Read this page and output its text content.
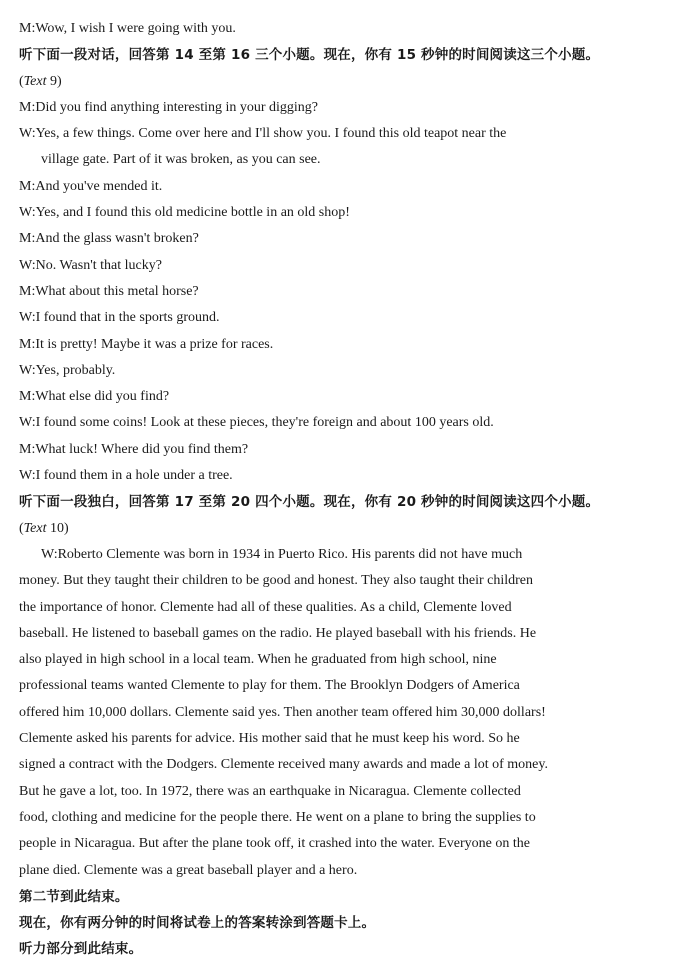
M:Wow, I wish I were going with you.
听下面一段对话，回答第 14 至第 16 三个小题。现在，你有 15 秒钟的时间阅读这三个小题。
(Text 9)
M:Did you find anything interesting in your digging?
W:Yes, a few things. Come over here and I'll show you. I found this old teapot near the
village gate. Part of it was broken, as you can see.
M:And you've mended it.
W:Yes, and I found this old medicine bottle in an old shop!
M:And the glass wasn't broken?
W:No. Wasn't that lucky?
M:What about this metal horse?
W:I found that in the sports ground.
M:It is pretty! Maybe it was a prize for races.
W:Yes, probably.
M:What else did you find?
W:I found some coins! Look at these pieces, they're foreign and about 100 years old.
M:What luck! Where did you find them?
W:I found them in a hole under a tree.
听下面一段独白，回答第 17 至第 20 四个小题。现在，你有 20 秒钟的时间阅读这四个小题。
(Text 10)
W:Roberto Clemente was born in 1934 in Puerto Rico. His parents did not have much
money. But they taught their children to be good and honest. They also taught their children
the importance of honor. Clemente had all of these qualities. As a child, Clemente loved
baseball. He listened to baseball games on the radio. He played baseball with his friends. He
also played in high school in a local team. When he graduated from high school, nine
professional teams wanted Clemente to play for them. The Brooklyn Dodgers of America
offered him 10,000 dollars. Clemente said yes. Then another team offered him 30,000 dollars!
Clemente asked his parents for advice. His mother said that he must keep his word. So he
signed a contract with the Dodgers. Clemente received many awards and made a lot of money.
But he gave a lot, too. In 1972, there was an earthquake in Nicaragua. Clemente collected
food, clothing and medicine for the people there. He went on a plane to bring the supplies to
people in Nicaragua. But after the plane took off, it crashed into the water. Everyone on the
plane died. Clemente was a great baseball player and a hero.
第二节到此结束。
现在，你有两分钟的时间将试卷上的答案转涂到答题卡上。
听力部分到此结束。
